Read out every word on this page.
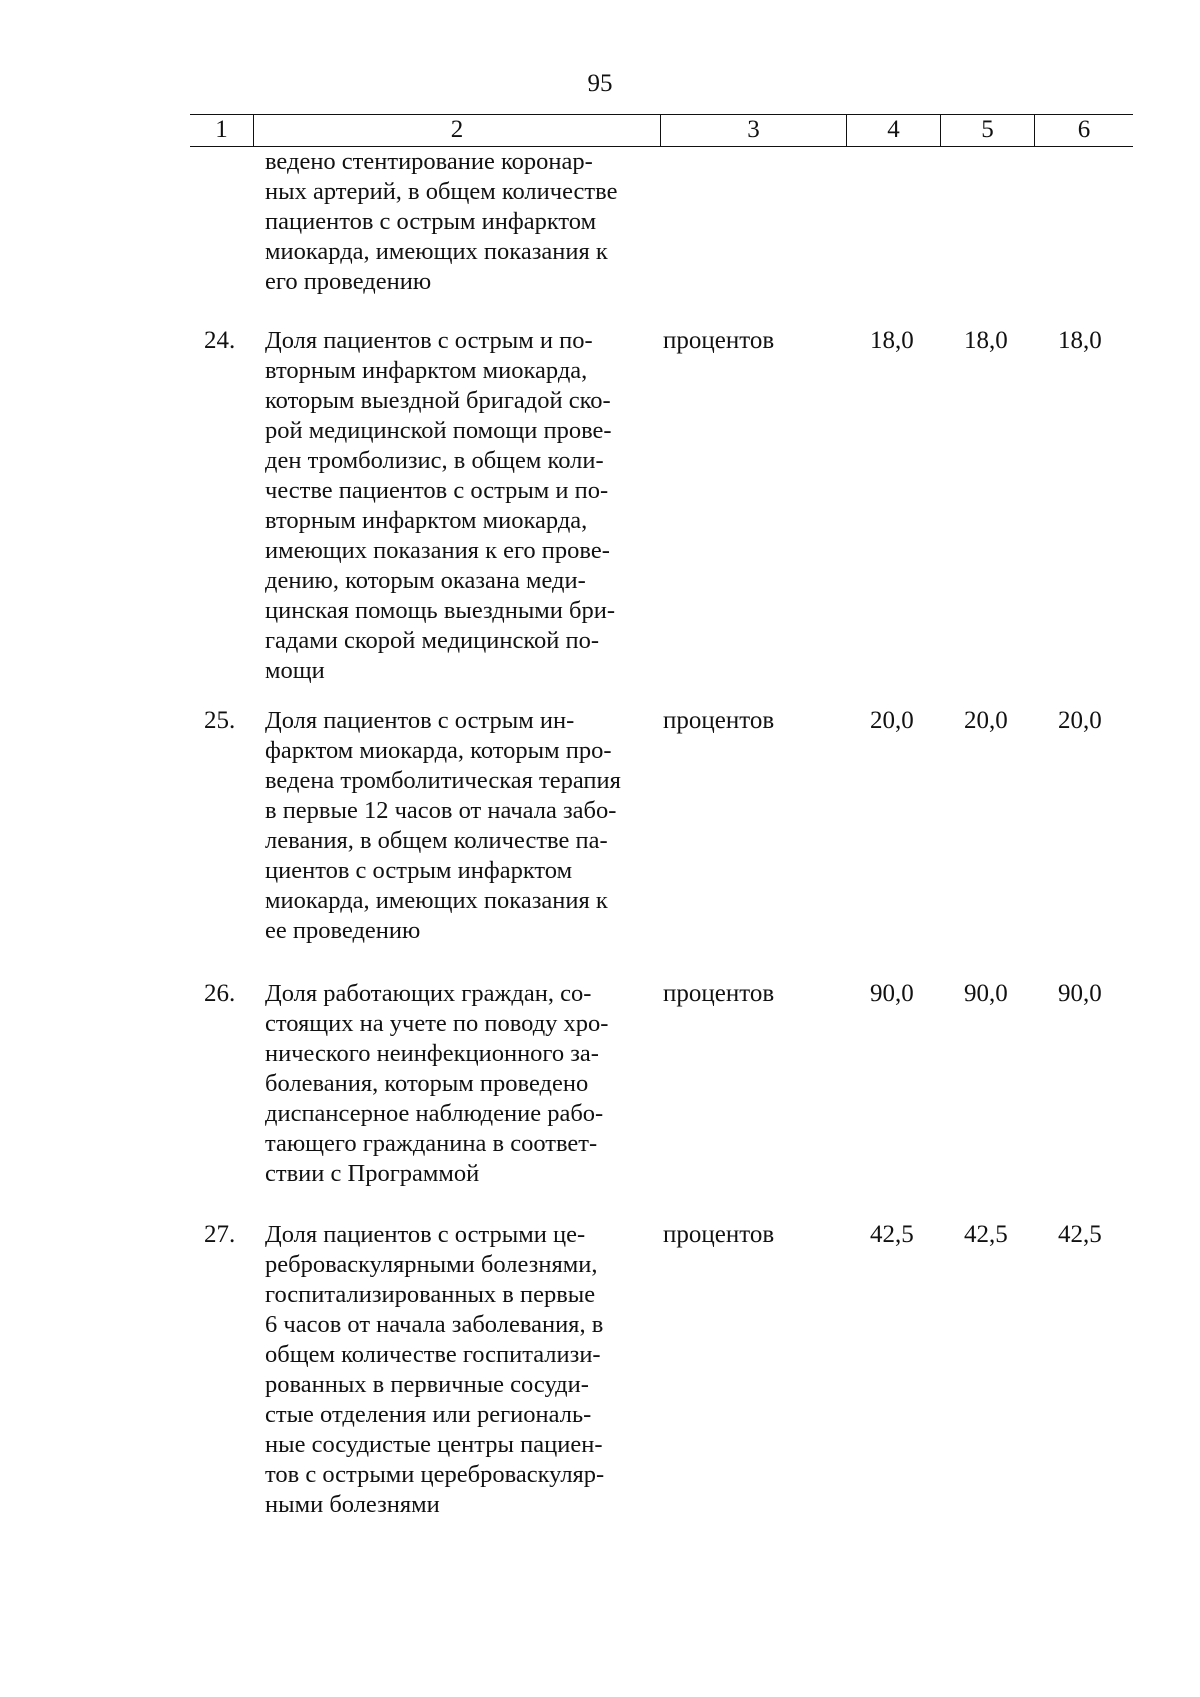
95
1	2	3	4	5	6
ведено стентирование коронар-
ных артерий, в общем количестве
пациентов с острым инфарктом
миокарда, имеющих показания к
его проведению
24. Доля пациентов с острым и по-
вторным инфарктом миокарда,
которым выездной бригадой ско-
рой медицинской помощи прове-
ден тромболизис, в общем коли-
честве пациентов с острым и по-
вторным инфарктом миокарда,
имеющих показания к его прове-
дению, которым оказана меди-
цинская помощь выездными бри-
гадами скорой медицинской по-
мощи
процентов	18,0 18,0 18,0
25. Доля пациентов с острым ин-
фарктом миокарда, которым про-
ведена тромболитическая терапия
в первые 12 часов от начала забо-
левания, в общем количестве па-
циентов с острым инфарктом
миокарда, имеющих показания к
ее проведению
процентов	20,0 20,0 20,0
26. Доля работающих граждан, со-
стоящих на учете по поводу хро-
нического неинфекционного за-
болевания, которым проведено
диспансерное наблюдение рабо-
тающего гражданина в соответ-
ствии с Программой
процентов	90,0 90,0 90,0
27. Доля пациентов с острыми це-
реброваскулярными болезнями,
госпитализированных в первые
6 часов от начала заболевания, в
общем количестве госпитализи-
рованных в первичные сосуди-
стые отделения или региональ-
ные сосудистые центры пациен-
тов с острыми цереброваскуляр-
ными болезнями
процентов	42,5 42,5 42,5
